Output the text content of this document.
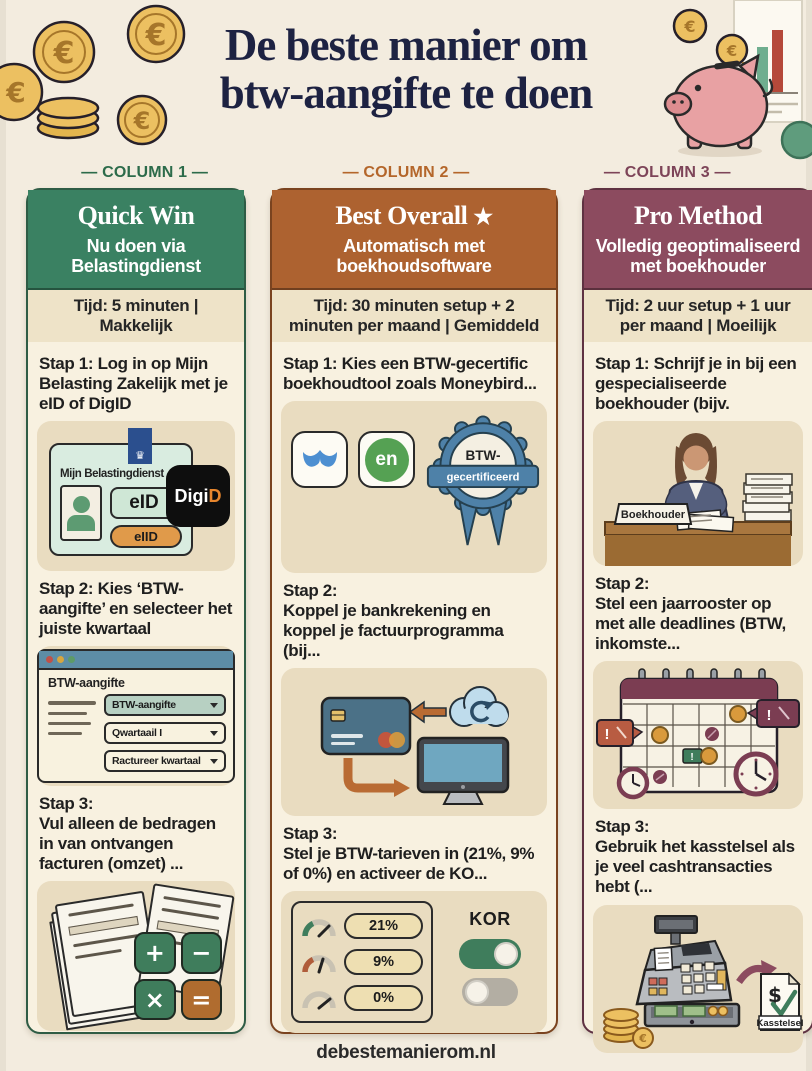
€
€
€
€
De beste manier om
btw-aangifte te doen
€
€
— COLUMN 1 —	— COLUMN 2 —	— COLUMN 3 —
Quick Win
Nu doen via Belastingdienst
Tijd: 5 minuten | Makkelijk

Stap 1: Log in op Mijn Belasting Zakelijk met je eID of DigID

♛
Mijn Belastingdienst
eID
eIID
Digi D

Stap 2: Kies ‘BTW-aangifte’ en selecteer het juiste kwartaal

BTW-aangifte
BTW-aangifte
Qwartaail I
Ractureer kwartaal

Stap 3:
Vul alleen de bedragen in van ontvangen facturen (omzet) ...

+	−
×	=
Best Overall ★
Automatisch met boekhoudsoftware
Tijd: 30 minuten setup + 2 minuten per maand | Gemiddeld

Stap 1: Kies een BTW-gecertific boekhoudtool zoals Moneybird...

en	BTW-
gecertificeerd

Stap 2:
Koppel je bankrekening en koppel je factuurprogramma (bij...

Stap 3:
Stel je BTW-tarieven in (21%, 9% of 0%) en activeer de KO...

21%
9%
0%
KOR
Pro Method
Volledig geoptimaliseerd met boekhouder
Tijd: 2 uur setup + 1 uur per maand | Moeilijk

Stap 1: Schrijf je in bij een gespecialiseerde boekhouder (bijv.

Boekhouder

Stap 2:
Stel een jaarrooster op met alle deadlines (BTW, inkomste...

!
!
!

Stap 3:
Gebruik het kasstelsel als je veel cashtransacties hebt (...

€
$
Kasstelsel
debestemanierom.nl
